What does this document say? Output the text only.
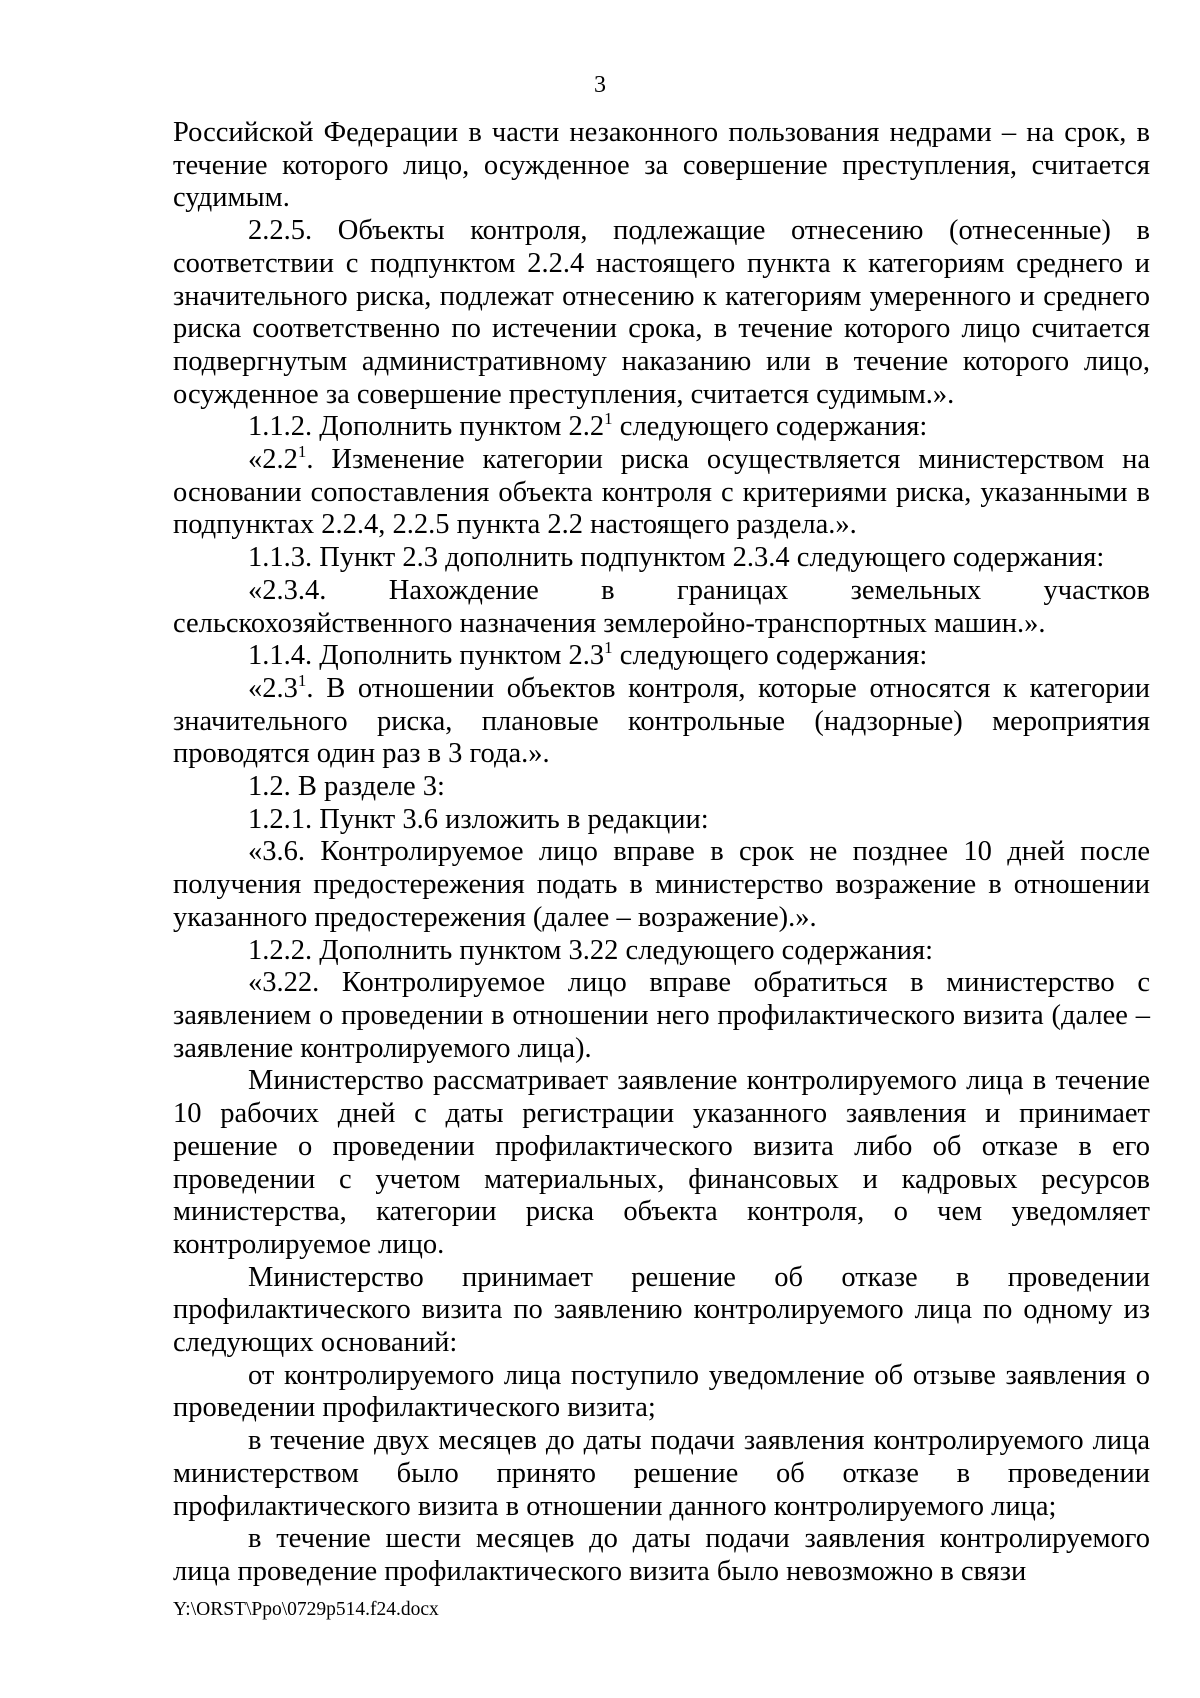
3

Российской Федерации в части незаконного пользования недрами – на срок, в течение которого лицо, осужденное за совершение преступления, считается судимым.

2.2.5. Объекты контроля, подлежащие отнесению (отнесенные) в соответствии с подпунктом 2.2.4 настоящего пункта к категориям среднего и значительного риска, подлежат отнесению к категориям умеренного и среднего риска соответственно по истечении срока, в течение которого лицо считается подвергнутым административному наказанию или в течение которого лицо, осужденное за совершение преступления, считается судимым.».

1.1.2. Дополнить пунктом $2.2^1$ следующего содержания:

«$2.2^1$. Изменение категории риска осуществляется министерством на основании сопоставления объекта контроля с критериями риска, указанными в подпунктах 2.2.4, 2.2.5 пункта 2.2 настоящего раздела.».

1.1.3. Пункт 2.3 дополнить подпунктом 2.3.4 следующего содержания:

«2.3.4. Нахождение в границах земельных участков сельскохозяйственного назначения землеройно-транспортных машин.».

1.1.4. Дополнить пунктом $2.3^1$ следующего содержания:

«$2.3^1$. В отношении объектов контроля, которые относятся к категории значительного риска, плановые контрольные (надзорные) мероприятия проводятся один раз в 3 года.».

1.2. В разделе 3:

1.2.1. Пункт 3.6 изложить в редакции:

«3.6. Контролируемое лицо вправе в срок не позднее 10 дней после получения предостережения подать в министерство возражение в отношении указанного предостережения (далее – возражение).».

1.2.2. Дополнить пунктом 3.22 следующего содержания:

«3.22. Контролируемое лицо вправе обратиться в министерство с заявлением о проведении в отношении него профилактического визита (далее – заявление контролируемого лица).

Министерство рассматривает заявление контролируемого лица в течение 10 рабочих дней с даты регистрации указанного заявления и принимает решение о проведении профилактического визита либо об отказе в его проведении с учетом материальных, финансовых и кадровых ресурсов министерства, категории риска объекта контроля, о чем уведомляет контролируемое лицо.

Министерство принимает решение об отказе в проведении профилактического визита по заявлению контролируемого лица по одному из следующих оснований:

от контролируемого лица поступило уведомление об отзыве заявления о проведении профилактического визита;

в течение двух месяцев до даты подачи заявления контролируемого лица министерством было принято решение об отказе в проведении профилактического визита в отношении данного контролируемого лица;

в течение шести месяцев до даты подачи заявления контролируемого лица проведение профилактического визита было невозможно в связи

Y:\ORST\Ppo\0729p514.f24.docx
